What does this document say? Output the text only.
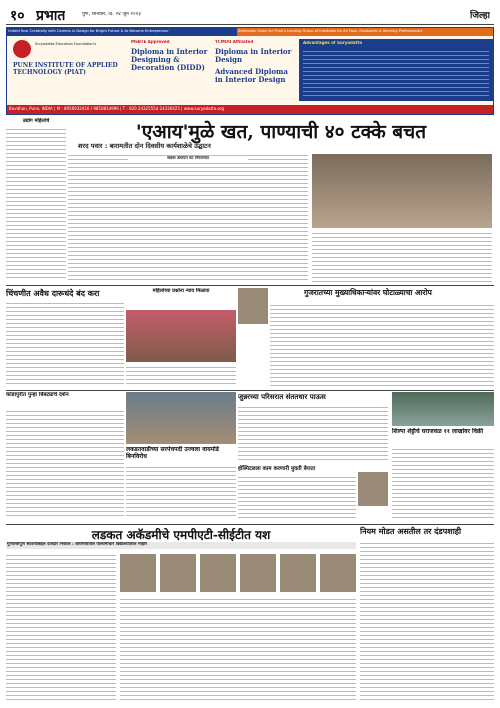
१० प्रभात	पुणे, शनिवार, दि. २४ जून २०२३	जिल्हा
Unfold Your Creativity with Careers in Design for Bright Future & to Become Entrepreneur	Admission Open for Pune's Leading Group of Institutes for All Pass, Graduates & Working Professionals
Suryadatta Education Foundation's
PUNE INSTITUTE OF APPLIED TECHNOLOGY (PIAT)
MSBTE Approved
Diploma in Interior Designing & Decoration (DIDD)
YCMOU Affiliated
Diploma in Interior Design
Advanced Diploma in Interior Design
Advantages of Suryadatta
Bavdhan, Pune, INDIA | M : 8956932416 / 9850814996 | T : 020 24325554 24336425 | www.suryadatta.org
उद्योग महिलांचे	'एआय'मुळे खत, पाण्याची ४० टक्के बचत
शरद पवार : बारामतीत दोन दिवसीय कार्यशाळेचे उद्घाटन
सकस उत्पादन घट नियंत्रणात
चिंचणीत अवैध दारूधंदे बंद करा	महिलांच्या प्रश्नांना न्याय मिळावा	गुजरातच्या मुख्याधिकाऱ्यांवर घोटाळ्याचा आरोप
कोंडापुरीत पुन्हा बिबट्याचे दर्शन
लकडतवाडीच्या सरपंचपदी उज्वला वायमोडे बिनविरोध
जुन्नरच्या परिसरात संततधार पाऊस
शिल्पा शेट्टीचे घराजवळ ११ लाखांवर विक्री
हॉस्पिटलला काम करणारी युवती बेपत्ता
लडकत अकॅडमीचे एमपीएटी-सीईटीत यश
गुणवत्तापूर्ण सातत्याबद्दल दर्जेदार निकाल : बारामतीतील पश्चिमाचार विद्यालयातील मोहोर
नियम मोडत असतील तर दंडपशाही
